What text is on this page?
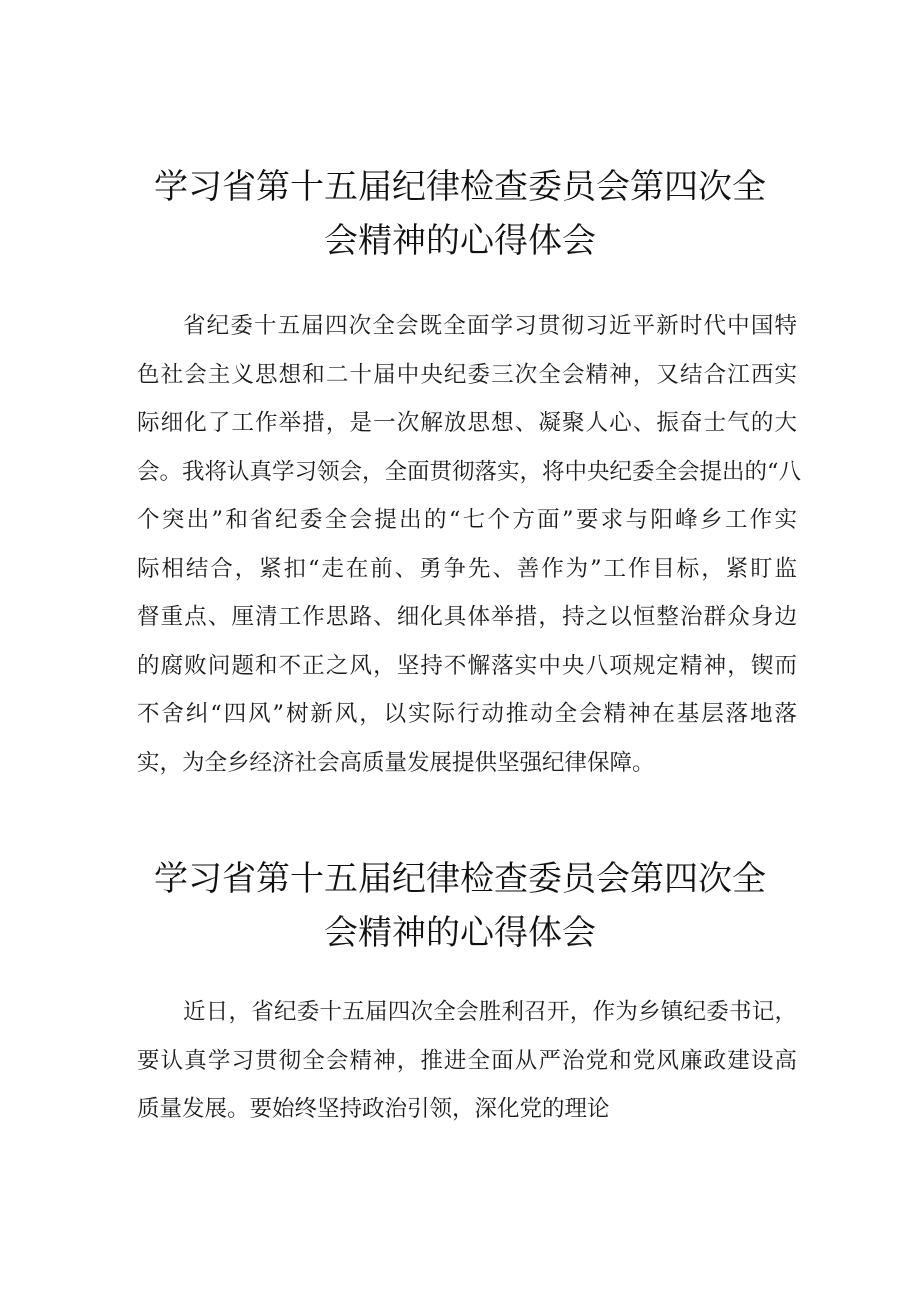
学习省第十五届纪律检查委员会第四次全
会精神的心得体会
省纪委十五届四次全会既全面学习贯彻习近平新时代中国特
色社会主义思想和二十届中央纪委三次全会精神，又结合江西实
际细化了工作举措，是一次解放思想、凝聚人心、振奋士气的大
会。我将认真学习领会，全面贯彻落实，将中央纪委全会提出的“八
个突出”和省纪委全会提出的“七个方面”要求与阳峰乡工作实
际相结合，紧扣“走在前、勇争先、善作为”工作目标，紧盯监
督重点、厘清工作思路、细化具体举措，持之以恒整治群众身边
的腐败问题和不正之风，坚持不懈落实中央八项规定精神，锲而
不舍纠“四风”树新风，以实际行动推动全会精神在基层落地落
实，为全乡经济社会高质量发展提供坚强纪律保障。
学习省第十五届纪律检查委员会第四次全
会精神的心得体会
近日，省纪委十五届四次全会胜利召开，作为乡镇纪委书记，
要认真学习贯彻全会精神，推进全面从严治党和党风廉政建设高
质量发展。要始终坚持政治引领，深化党的理论
